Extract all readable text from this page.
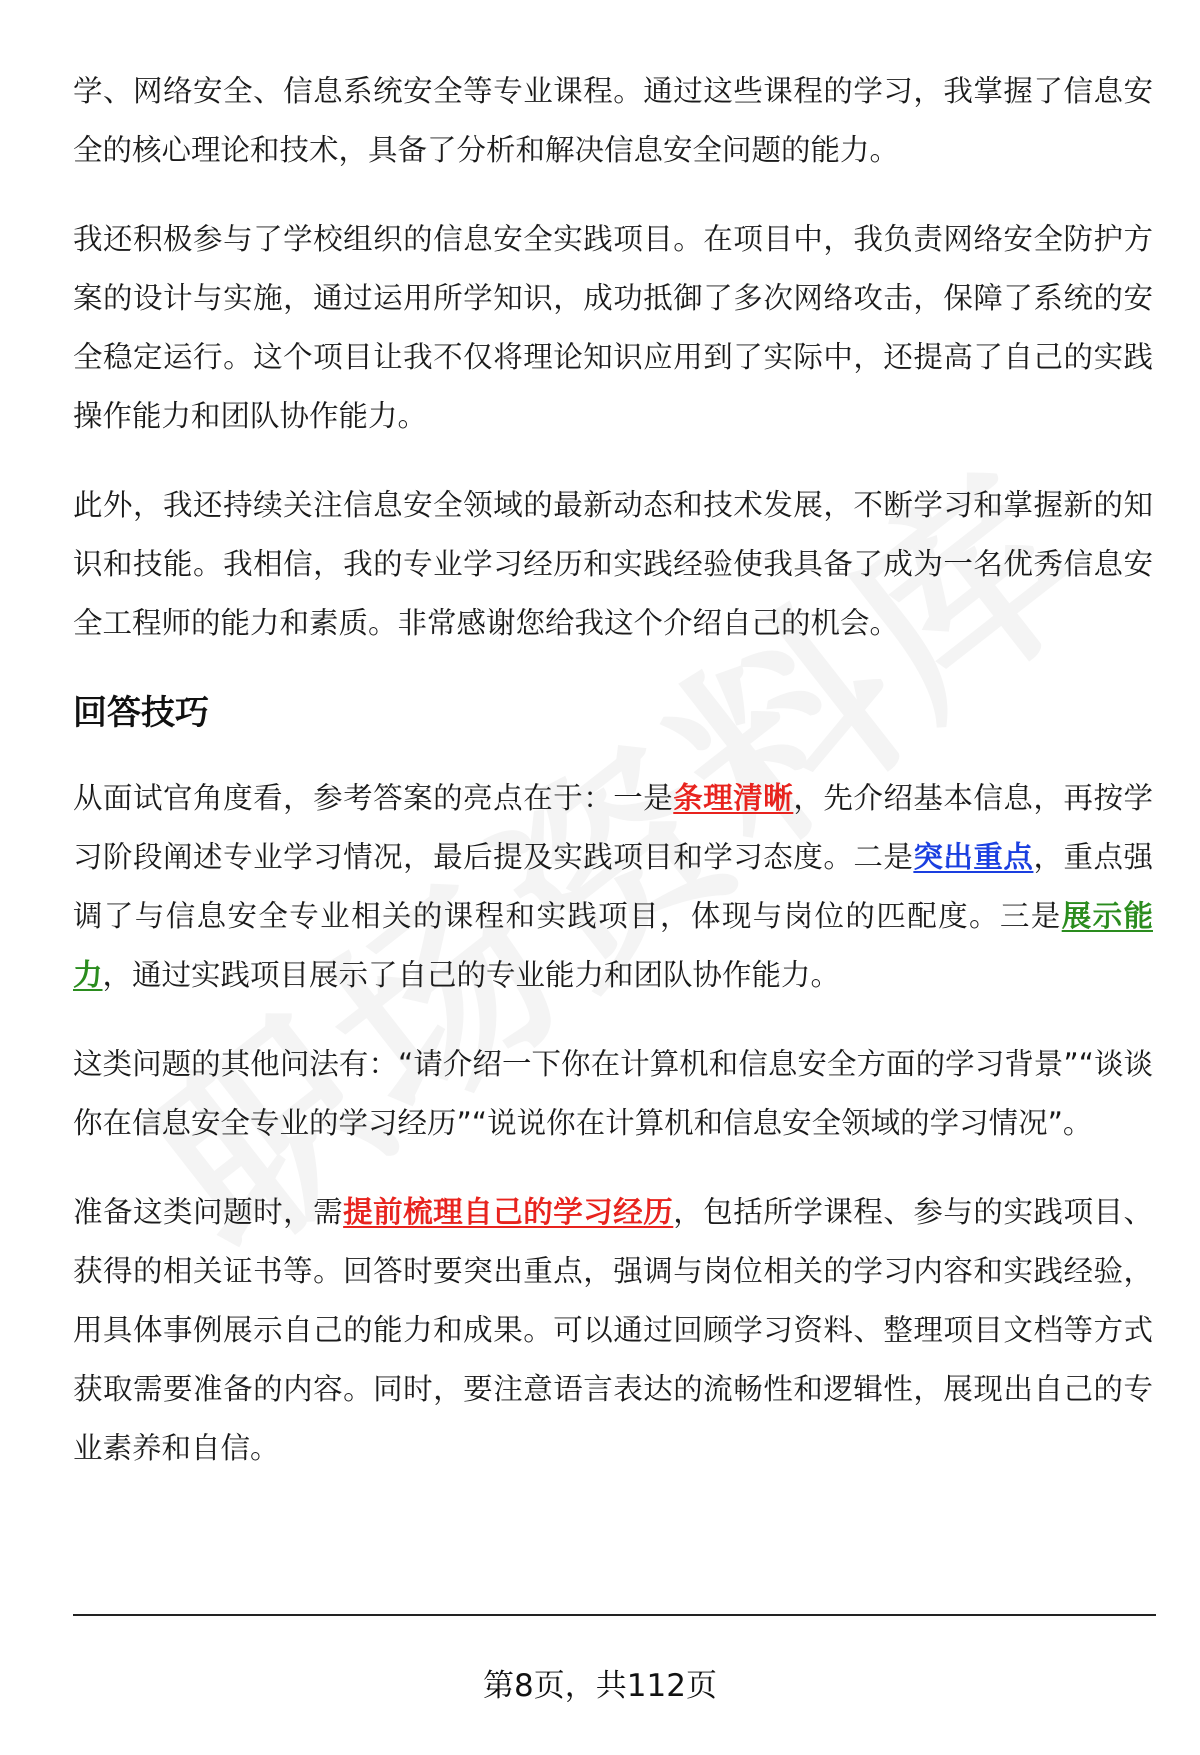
学、网络安全、信息系统安全等专业课程。通过这些课程的学习，我掌握了信息安全的核心理论和技术，具备了分析和解决信息安全问题的能力。

我还积极参与了学校组织的信息安全实践项目。在项目中，我负责网络安全防护方案的设计与实施，通过运用所学知识，成功抵御了多次网络攻击，保障了系统的安全稳定运行。这个项目让我不仅将理论知识应用到了实际中，还提高了自己的实践操作能力和团队协作能力。

此外，我还持续关注信息安全领域的最新动态和技术发展，不断学习和掌握新的知识和技能。我相信，我的专业学习经历和实践经验使我具备了成为一名优秀信息安全工程师的能力和素质。非常感谢您给我这个介绍自己的机会。

回答技巧

从面试官角度看，参考答案的亮点在于：一是条理清晰，先介绍基本信息，再按学习阶段阐述专业学习情况，最后提及实践项目和学习态度。二是突出重点，重点强调了与信息安全专业相关的课程和实践项目，体现与岗位的匹配度。三是展示能力，通过实践项目展示了自己的专业能力和团队协作能力。

这类问题的其他问法有：“请介绍一下你在计算机和信息安全方面的学习背景”“谈谈你在信息安全专业的学习经历”“说说你在计算机和信息安全领域的学习情况”。

准备这类问题时，需提前梳理自己的学习经历，包括所学课程、参与的实践项目、获得的相关证书等。回答时要突出重点，强调与岗位相关的学习内容和实践经验，用具体事例展示自己的能力和成果。可以通过回顾学习资料、整理项目文档等方式获取需要准备的内容。同时，要注意语言表达的流畅性和逻辑性，展现出自己的专业素养和自信。

第8页，共112页
